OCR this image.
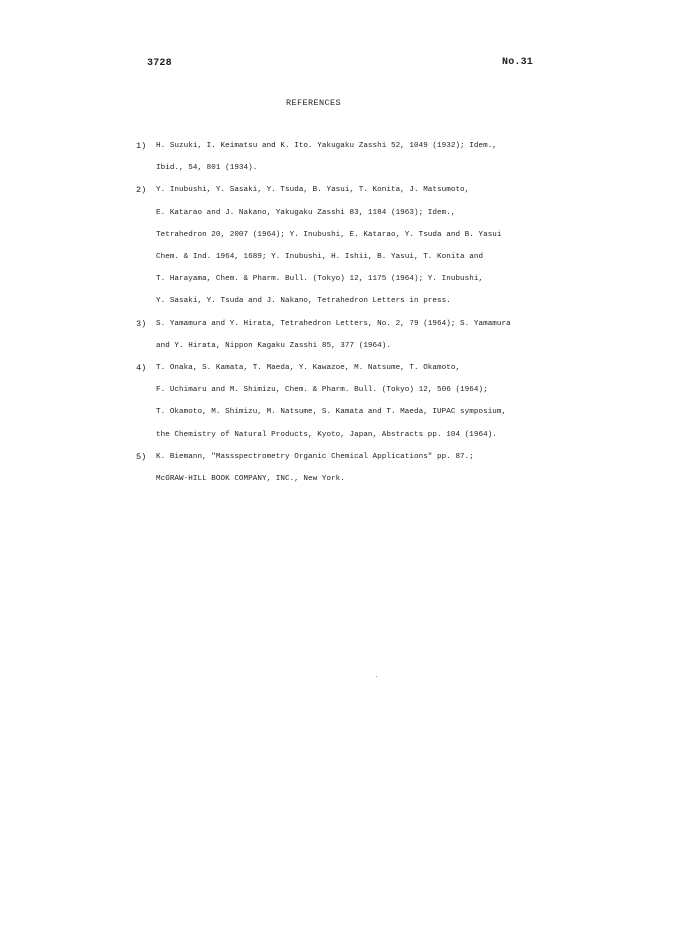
3728	No.31
REFERENCES
1) H. Suzuki, I. Keimatsu and K. Ito. Yakugaku Zasshi 52, 1049 (1932); Idem.,
Ibid., 54, 801 (1934).
2) Y. Inubushi, Y. Sasaki, Y. Tsuda, B. Yasui, T. Konita, J. Matsumoto,
E. Katarao and J. Nakano, Yakugaku Zasshi 83, 1184 (1963); Idem.,
Tetrahedron 20, 2007 (1964); Y. Inubushi, E. Katarao, Y. Tsuda and B. Yasui
Chem. & Ind. 1964, 1689; Y. Inubushi, H. Ishii, B. Yasui, T. Konita and
T. Harayama, Chem. & Pharm. Bull. (Tokyo) 12, 1175 (1964); Y. Inubushi,
Y. Sasaki, Y. Tsuda and J. Nakano, Tetrahedron Letters in press.
3) S. Yamamura and Y. Hirata, Tetrahedron Letters, No. 2, 79 (1964); S. Yamamura
and Y. Hirata, Nippon Kagaku Zasshi 85, 377 (1964).
4) T. Onaka, S. Kamata, T. Maeda, Y. Kawazoe, M. Natsume, T. Okamoto,
F. Uchimaru and M. Shimizu, Chem. & Pharm. Bull. (Tokyo) 12, 506 (1964);
T. Okamoto, M. Shimizu, M. Natsume, S. Kamata and T. Maeda, IUPAC symposium,
the Chemistry of Natural Products, Kyoto, Japan, Abstracts pp. 104 (1964).
5) K. Biemann, "Massspectrometry Organic Chemical Applications" pp. 87.;
McGRAW-HILL BOOK COMPANY, INC., New York.
